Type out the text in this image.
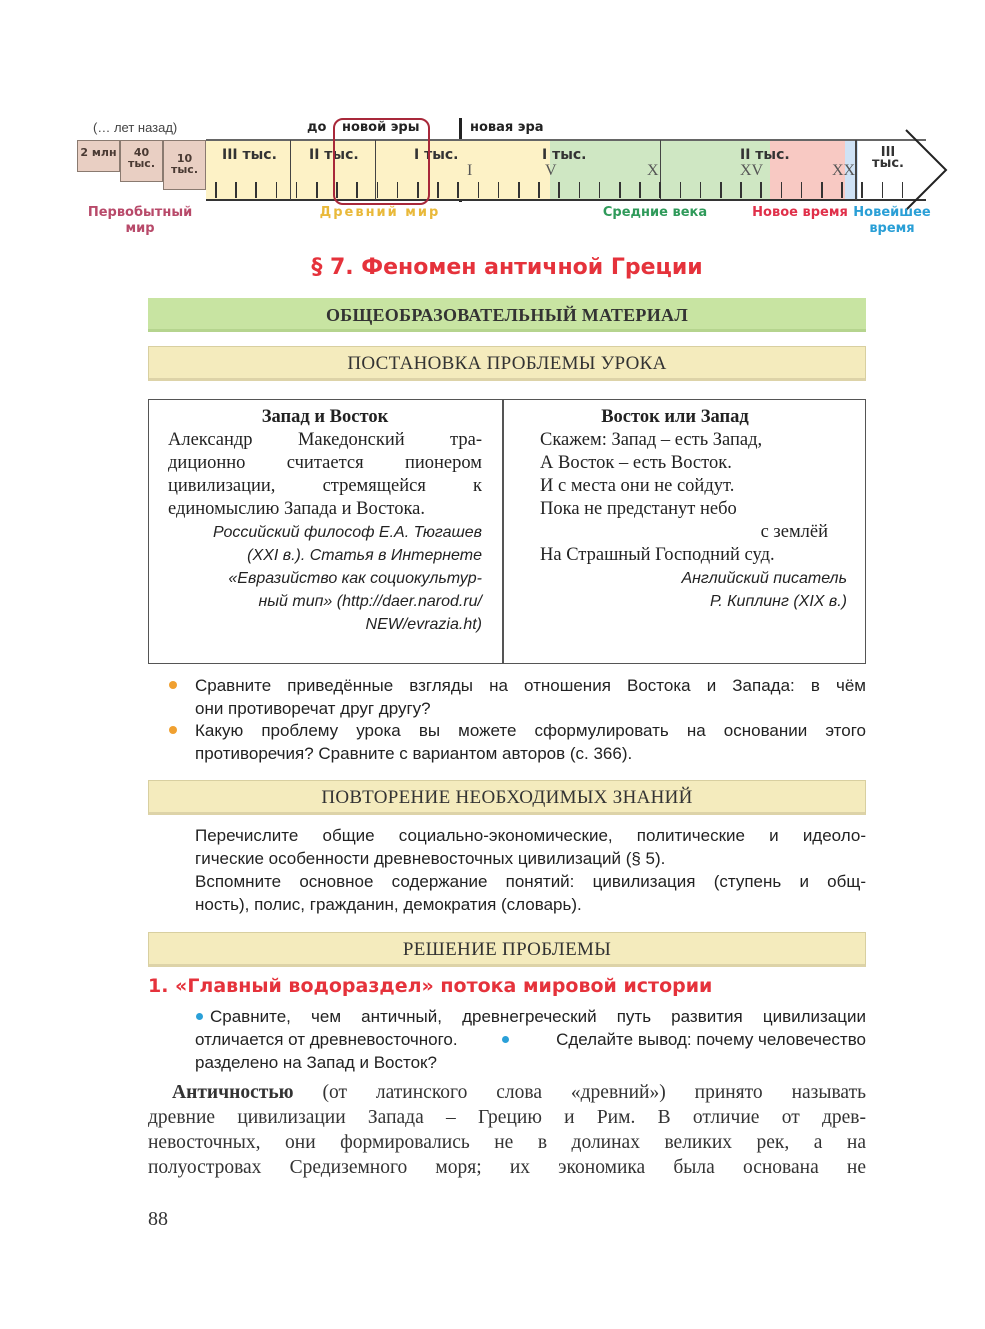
(… лет назад)	до новой эры	новая эра
2 млн	40 тыс.	10 тыс.
III тыс. II тыс.	I тыс.	I тыс.	II тыс.	III тыс.
I	V	X	XV	XX
Первобытный мир
Древний мир	Средние века	Новое время Новейшее время
§ 7. Феномен античной Греции
ОБЩЕОБРАЗОВАТЕЛЬНЫЙ МАТЕРИАЛ
ПОСТАНОВКА ПРОБЛЕМЫ УРОКА
Запад и Восток
Александр Македонский тра-
диционно считается пионером
цивилизации, стремящейся к
единомыслию Запада и Востока.
Российский философ Е.А. Тюгашев
(XXI в.). Статья в Интернете
«Евразийство как социокультур-
ный тип» (http://daer.narod.ru/
NEW/evrazia.ht)
Восток или Запад
Скажем: Запад – есть Запад,
А Восток – есть Восток.
И с места они не сойдут.
Пока не предстанут небо
с землёй
На Страшный Господний суд.
Английский писатель
Р. Киплинг (XIX в.)
Сравните приведённые взгляды на отношения Востока и Запада: в чём
они противоречат друг другу?
Какую проблему урока вы можете сформулировать на основании этого
противоречия? Сравните с вариантом авторов (с. 366).
ПОВТОРЕНИЕ НЕОБХОДИМЫХ ЗНАНИЙ
Перечислите общие социально-экономические, политические и идеоло-
гические особенности древневосточных цивилизаций (§ 5).
Вспомните основное содержание понятий: цивилизация (ступень и общ-
ность), полис, гражданин, демократия (словарь).
РЕШЕНИЕ ПРОБЛЕМЫ
1. «Главный водораздел» потока мировой истории
Сравните, чем античный, древнегреческий путь развития цивилизации
отличается от древневосточного.	Сделайте вывод: почему человечество
разделено на Запад и Восток?
Античностью (от латинского слова «древний») принято называть
древние цивилизации Запада – Грецию и Рим. В отличие от древ-
невосточных, они формировались не в долинах великих рек, а на
полуостровах Средиземного моря; их экономика была основана не
88
